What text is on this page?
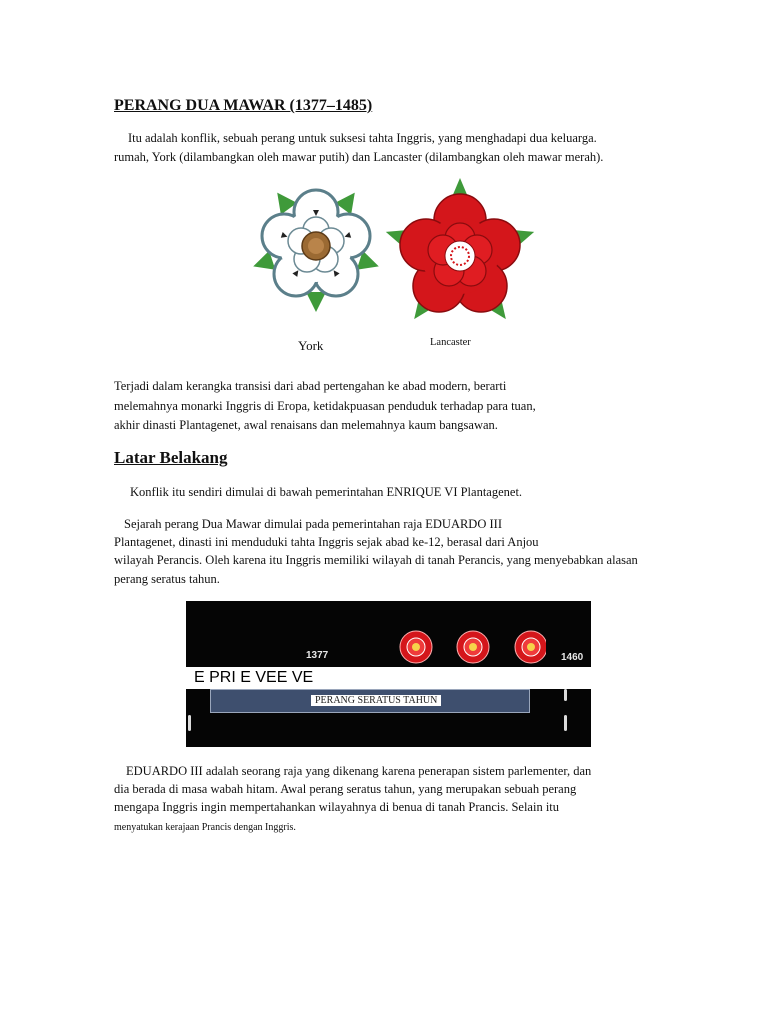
PERANG DUA MAWAR (1377–1485)
Itu adalah konflik, sebuah perang untuk suksesi tahta Inggris, yang menghadapi dua keluarga.
rumah, York (dilambangkan oleh mawar putih) dan Lancaster (dilambangkan oleh mawar merah).
York	Lancaster
Terjadi dalam kerangka transisi dari abad pertengahan ke abad modern, berarti
melemahnya monarki Inggris di Eropa, ketidakpuasan penduduk terhadap para tuan,
akhir dinasti Plantagenet, awal renaisans dan melemahnya kaum bangsawan.
Latar Belakang
Konflik itu sendiri dimulai di bawah pemerintahan ENRIQUE VI Plantagenet.
Sejarah perang Dua Mawar dimulai pada pemerintahan raja EDUARDO III
Plantagenet, dinasti ini menduduki tahta Inggris sejak abad ke-12, berasal dari Anjou
wilayah Perancis. Oleh karena itu Inggris memiliki wilayah di tanah Perancis, yang menyebabkan alasan
perang seratus tahun.
1377	1460
E PRI E VEE VE
PERANG SERATUS TAHUN
EDUARDO III adalah seorang raja yang dikenang karena penerapan sistem parlementer, dan
dia berada di masa wabah hitam. Awal perang seratus tahun, yang merupakan sebuah perang
mengapa Inggris ingin mempertahankan wilayahnya di benua di tanah Prancis. Selain itu
menyatukan kerajaan Prancis dengan Inggris.
